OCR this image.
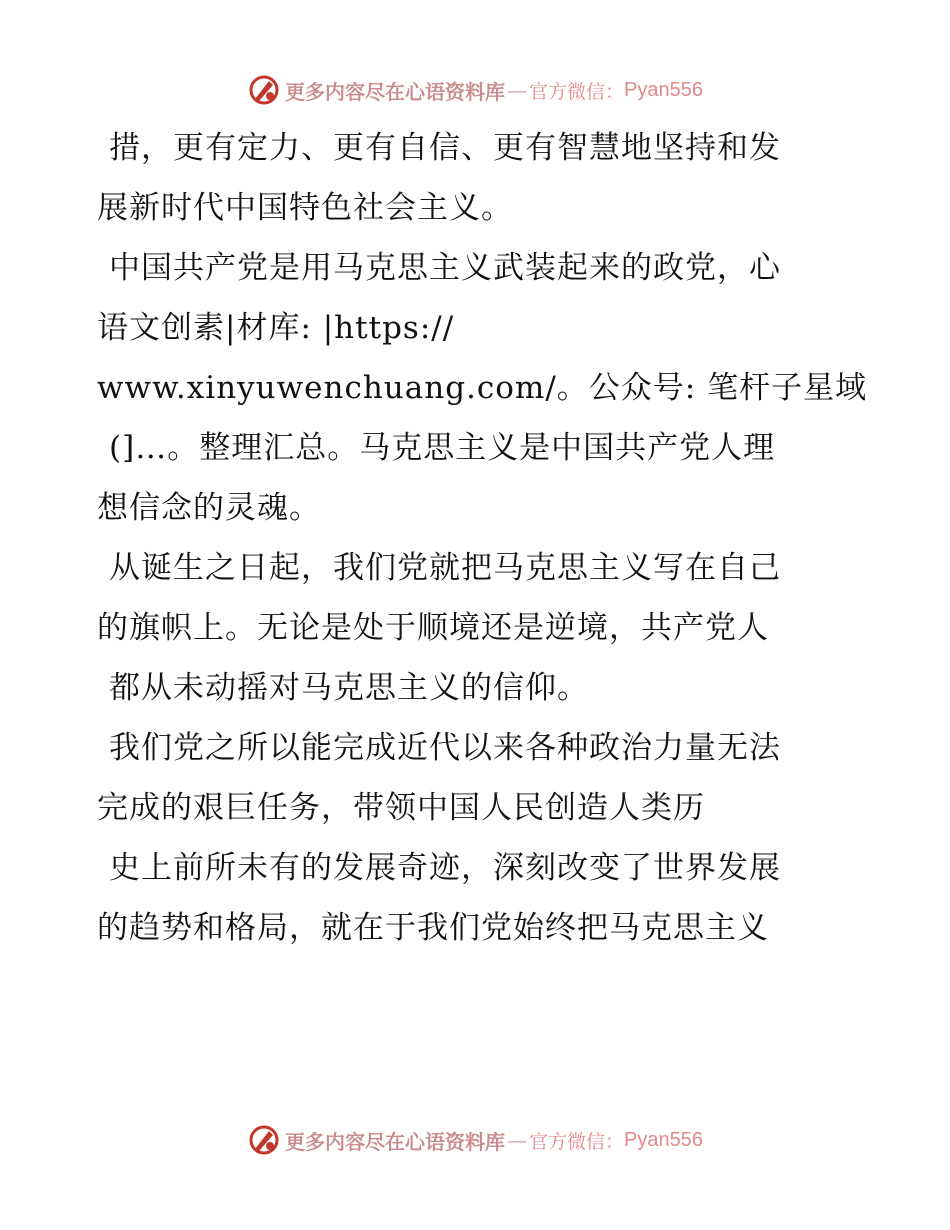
更多内容尽在心语资料库 — 官方微信： Pyan556
措，更有定力、更有自信、更有智慧地坚持和发
展新时代中国特色社会主义。
中国共产党是用马克思主义武装起来的政党，心
语文创素|材库: |https://
www.xinyuwenchuang.com/。公众号: 笔杆子星域
(]…。整理汇总。马克思主义是中国共产党人理
想信念的灵魂。
从诞生之日起，我们党就把马克思主义写在自己
的旗帜上。无论是处于顺境还是逆境，共产党人
都从未动摇对马克思主义的信仰。
我们党之所以能完成近代以来各种政治力量无法
完成的艰巨任务，带领中国人民创造人类历
史上前所未有的发展奇迹，深刻改变了世界发展
的趋势和格局，就在于我们党始终把马克思主义
更多内容尽在心语资料库 — 官方微信： Pyan556
